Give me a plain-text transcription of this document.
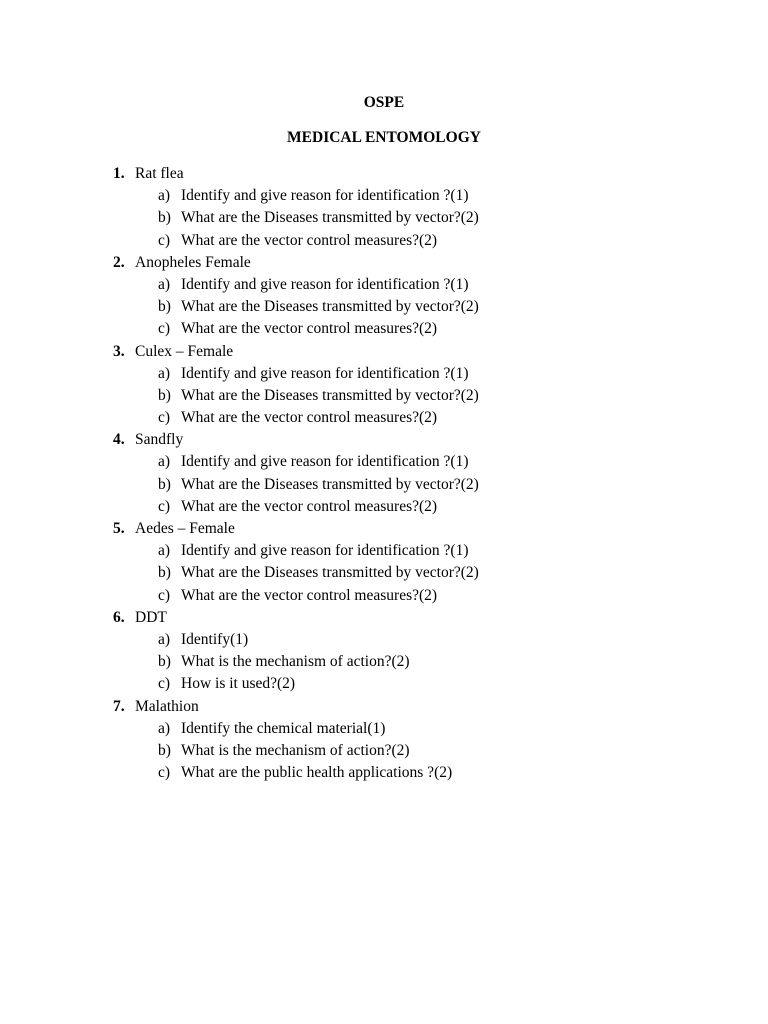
OSPE
MEDICAL ENTOMOLOGY
1. Rat flea
a) Identify and give reason for identification ?(1)
b) What are the Diseases transmitted by vector?(2)
c) What are the vector control measures?(2)
2. Anopheles Female
a) Identify and give reason for identification ?(1)
b) What are the Diseases transmitted by vector?(2)
c) What are the vector control measures?(2)
3. Culex – Female
a) Identify and give reason for identification ?(1)
b) What are the Diseases transmitted by vector?(2)
c) What are the vector control measures?(2)
4. Sandfly
a) Identify and give reason for identification ?(1)
b) What are the Diseases transmitted by vector?(2)
c) What are the vector control measures?(2)
5. Aedes – Female
a) Identify and give reason for identification ?(1)
b) What are the Diseases transmitted by vector?(2)
c) What are the vector control measures?(2)
6. DDT
a) Identify(1)
b) What is the mechanism of action?(2)
c) How is it used?(2)
7. Malathion
a) Identify the chemical material(1)
b) What is the mechanism of action?(2)
c) What are the public health applications ?(2)
